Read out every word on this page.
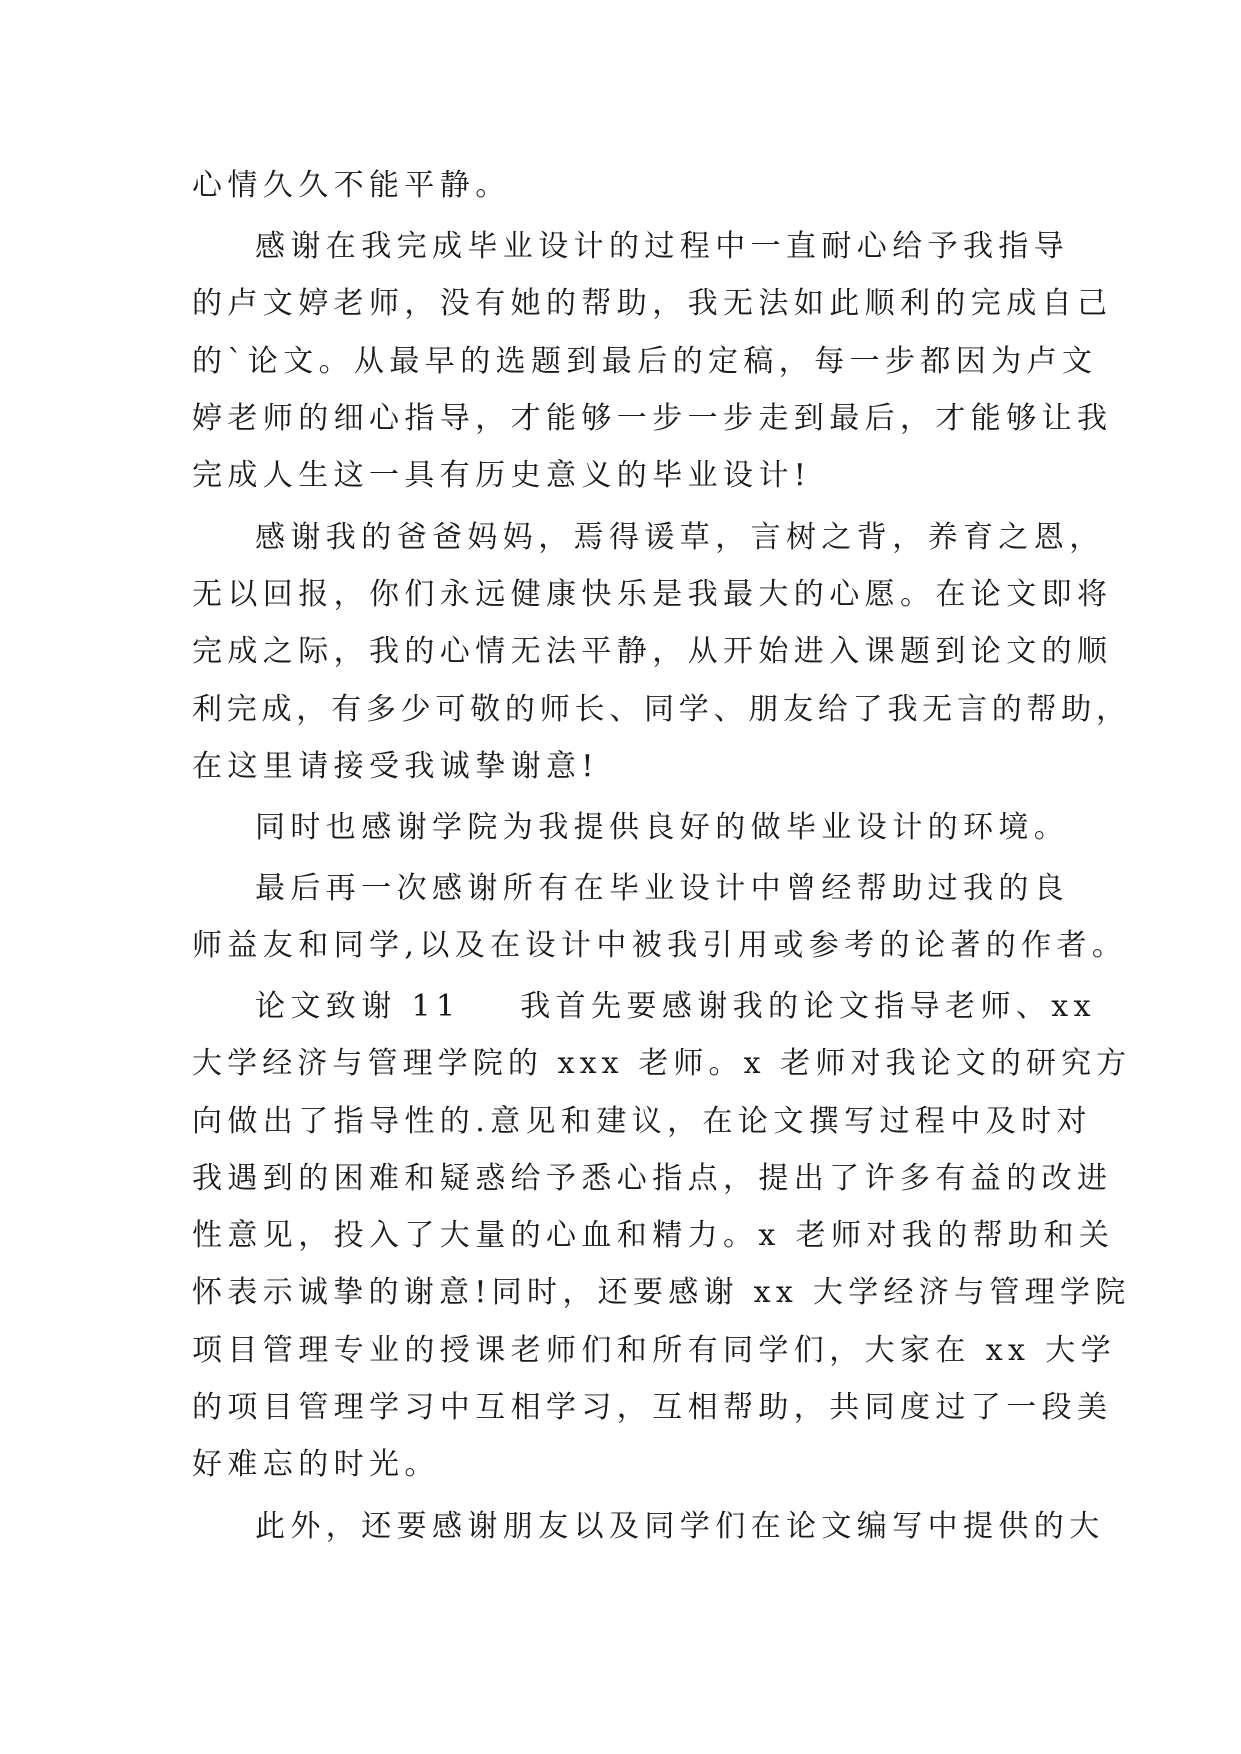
心情久久不能平静。
感谢在我完成毕业设计的过程中一直耐心给予我指导
的卢文婷老师，没有她的帮助，我无法如此顺利的完成自己
的`论文。从最早的选题到最后的定稿，每一步都因为卢文
婷老师的细心指导，才能够一步一步走到最后，才能够让我
完成人生这一具有历史意义的毕业设计!
感谢我的爸爸妈妈，焉得谖草，言树之背，养育之恩，
无以回报，你们永远健康快乐是我最大的心愿。在论文即将
完成之际，我的心情无法平静，从开始进入课题到论文的顺
利完成，有多少可敬的师长、同学、朋友给了我无言的帮助，
在这里请接受我诚挚谢意!
同时也感谢学院为我提供良好的做毕业设计的环境。
最后再一次感谢所有在毕业设计中曾经帮助过我的良
师益友和同学,以及在设计中被我引用或参考的论著的作者。
论文致谢 11    我首先要感谢我的论文指导老师、xx
大学经济与管理学院的 xxx 老师。x 老师对我论文的研究方
向做出了指导性的.意见和建议，在论文撰写过程中及时对
我遇到的困难和疑惑给予悉心指点，提出了许多有益的改进
性意见，投入了大量的心血和精力。x 老师对我的帮助和关
怀表示诚挚的谢意!同时，还要感谢 xx 大学经济与管理学院
项目管理专业的授课老师们和所有同学们，大家在 xx 大学
的项目管理学习中互相学习，互相帮助，共同度过了一段美
好难忘的时光。
此外，还要感谢朋友以及同学们在论文编写中提供的大
